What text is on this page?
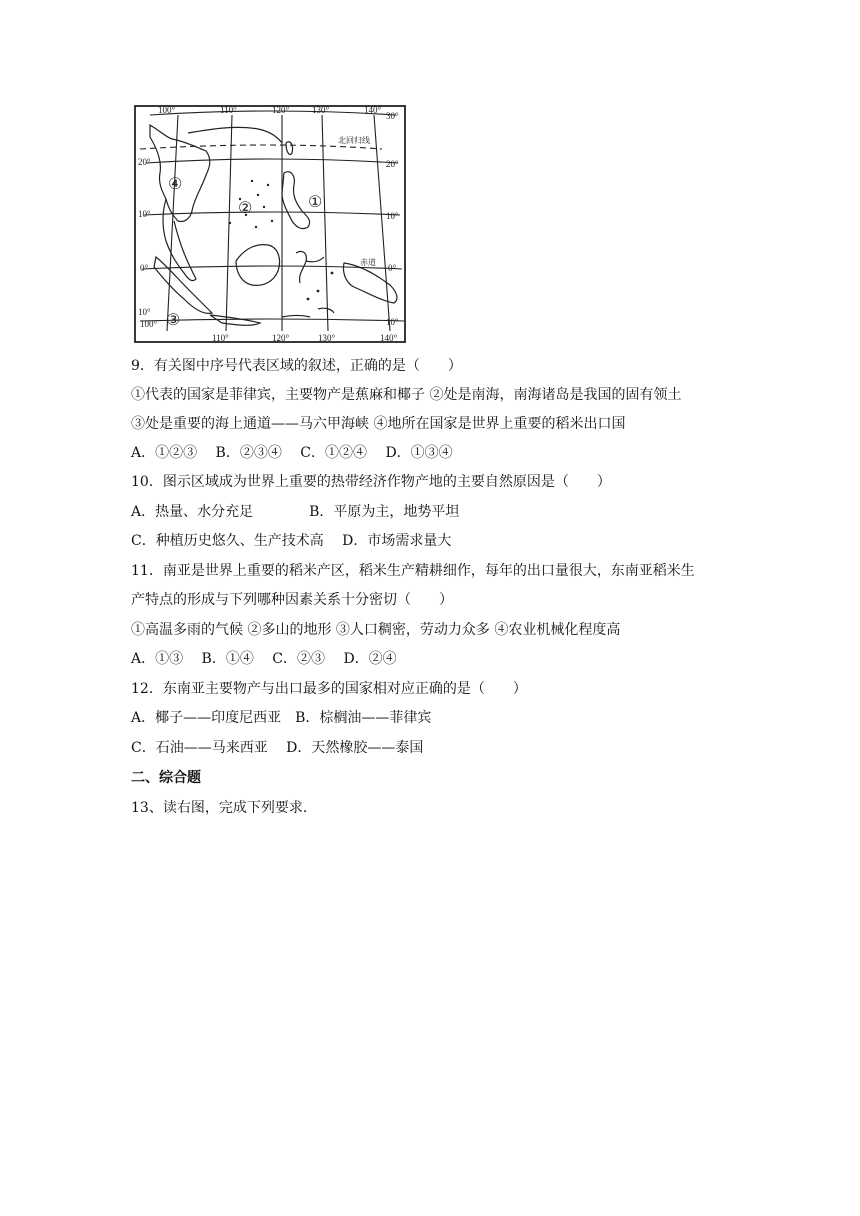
100°	110°	120°	130°	140°
100°
110°	120°	130°	140°
20°
10°
0°
10°
30°
20°
10°
0°
10°
北回归线
赤道
①
②
③
④
9．有关图中序号代表区域的叙述，正确的是（　　）
①代表的国家是菲律宾，主要物产是蕉麻和椰子 ②处是南海，南海诸岛是我国的固有领土
③处是重要的海上通道——马六甲海峡 ④地所在国家是世界上重要的稻米出口国
A．①②③　 B．②③④　 C．①②④　 D．①③④
10．图示区域成为世界上重要的热带经济作物产地的主要自然原因是（　　）
A．热量、水分充足　　　　B．平原为主，地势平坦
C．种植历史悠久、生产技术高　 D．市场需求量大
11．南亚是世界上重要的稻米产区，稻米生产精耕细作，每年的出口量很大，东南亚稻米生
产特点的形成与下列哪种因素关系十分密切（　　）
①高温多雨的气候 ②多山的地形 ③人口稠密，劳动力众多 ④农业机械化程度高
A．①③　 B．①④　 C．②③　 D．②④
12．东南亚主要物产与出口最多的国家相对应正确的是（　　）
A．椰子——印度尼西亚　B．棕榈油——菲律宾
C．石油——马来西亚　 D．天然橡胶——泰国
二、综合题
13、读右图，完成下列要求．
